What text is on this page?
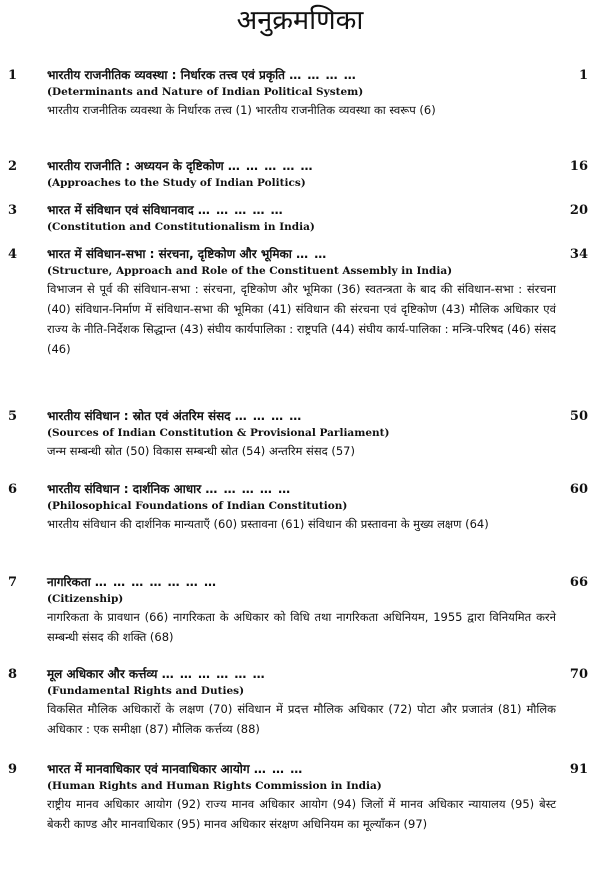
अनुक्रमणिका
1 भारतीय राजनीतिक व्यवस्था : निर्धारक तत्त्व एवं प्रकृति … … … …
(Determinants and Nature of Indian Political System)
भारतीय राजनीतिक व्यवस्था के निर्धारक तत्त्व (1) भारतीय राजनीतिक व्यवस्था का स्वरूप (6)
1
2 भारतीय राजनीति : अध्ययन के दृष्टिकोण … … … … …
(Approaches to the Study of Indian Politics)
16
3 भारत में संविधान एवं संविधानवाद … … … … …
(Constitution and Constitutionalism in India)
20
4 भारत में संविधान-सभा : संरचना, दृष्टिकोण और भूमिका … …
(Structure, Approach and Role of the Constituent Assembly in India)
विभाजन से पूर्व की संविधान-सभा : संरचना, दृष्टिकोण और भूमिका (36) स्वतन्त्रता के बाद की संविधान-सभा : संरचना (40) संविधान-निर्माण में संविधान-सभा की भूमिका (41) संविधान की संरचना एवं दृष्टिकोण (43) मौलिक अधिकार एवं राज्य के नीति-निर्देशक सिद्धान्त (43) संघीय कार्यपालिका : राष्ट्रपति (44) संघीय कार्य-पालिका : मन्त्रि-परिषद (46) संसद (46)
34
5 भारतीय संविधान : स्रोत एवं अंतरिम संसद … … … …
(Sources of Indian Constitution & Provisional Parliament)
जन्म सम्बन्धी स्रोत (50) विकास सम्बन्धी स्रोत (54) अन्तरिम संसद (57)
50
6 भारतीय संविधान : दार्शनिक आधार … … … … …
(Philosophical Foundations of Indian Constitution)
भारतीय संविधान की दार्शनिक मान्यताएँ (60) प्रस्तावना (61) संविधान की प्रस्तावना के मुख्य लक्षण (64)
60
7 नागरिकता … … … … … … …
(Citizenship)
नागरिकता के प्रावधान (66) नागरिकता के अधिकार को विधि तथा नागरिकता अधिनियम, 1955 द्वारा विनियमित करने सम्बन्धी संसद की शक्ति (68)
66
8 मूल अधिकार और कर्त्तव्य … … … … … …
(Fundamental Rights and Duties)
विकसित मौलिक अधिकारों के लक्षण (70) संविधान में प्रदत्त मौलिक अधिकार (72) पोटा और प्रजातंत्र (81) मौलिक अधिकार : एक समीक्षा (87) मौलिक कर्त्तव्य (88)
70
9 भारत में मानवाधिकार एवं मानवाधिकार आयोग … … …
(Human Rights and Human Rights Commission in India)
राष्ट्रीय मानव अधिकार आयोग (92) राज्य मानव अधिकार आयोग (94) जिलों में मानव अधिकार न्यायालय (95) बेस्ट बेकरी काण्ड और मानवाधिकार (95) मानव अधिकार संरक्षण अधिनियम का मूल्याँकन (97)
91
